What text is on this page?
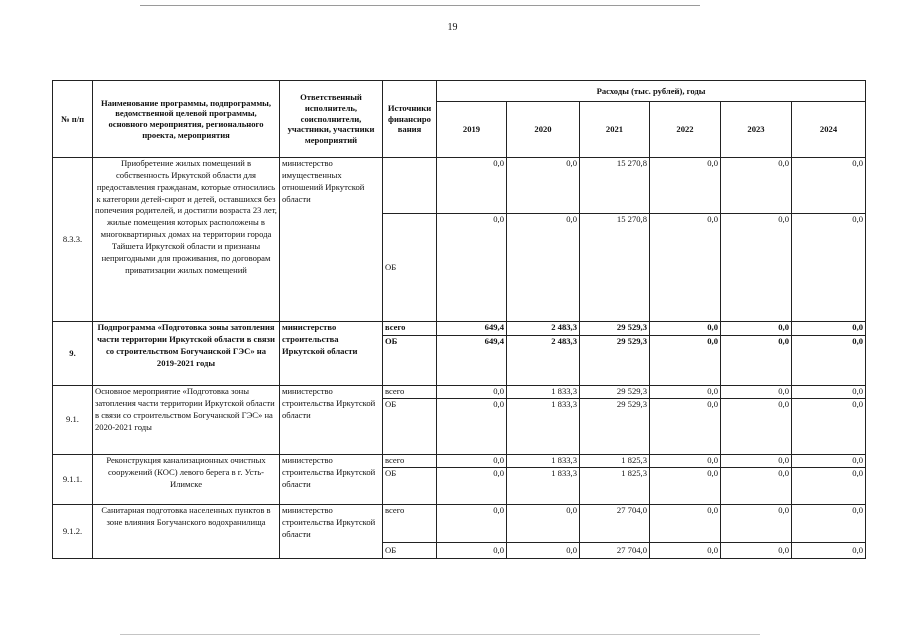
19
№ п/п	Наименование программы, подпрограммы, ведомственной целевой программы, основного мероприятия, регионального проекта, мероприятия	Ответственный исполнитель, соисполнители, участники, участники мероприятий	Источники финансиро вания	Расходы (тыс. рублей), годы					
				2019	2020	2021	2022	2023	2024
8.3.3.	Приобретение жилых помещений в собственность Иркутской области для предоставления гражданам, которые относились к категории детей-сирот и детей, оставшихся без попечения родителей, и достигли возраста 23 лет, жилые помещения которых расположены в многоквартирных домах на территории города Тайшета Иркутской области и признаны непригодными для проживания, по договорам приватизации жилых помещений	министерство имущественных отношений Иркутской области		0,0	0,0	15 270,8	0,0	0,0	0,0
			ОБ	0,0	0,0	15 270,8	0,0	0,0	0,0
9.	Подпрограмма «Подготовка зоны затопления части территории Иркутской области в связи со строительством Богучанской ГЭС» на 2019-2021 годы	министерство строительства Иркутской области	всего	649,4	2 483,3	29 529,3	0,0	0,0	0,0
			ОБ	649,4	2 483,3	29 529,3	0,0	0,0	0,0
9.1.	Основное мероприятие «Подготовка зоны затопления части территории Иркутской области в связи со строительством Богучанской ГЭС» на 2020-2021 годы	министерство строительства Иркутской области	всего	0,0	1 833,3	29 529,3	0,0	0,0	0,0
			ОБ	0,0	1 833,3	29 529,3	0,0	0,0	0,0
9.1.1.	Реконструкция канализационных очистных сооружений (КОС) левого берега в г. Усть-Илимске	министерство строительства Иркутской области	всего	0,0	1 833,3	1 825,3	0,0	0,0	0,0
			ОБ	0,0	1 833,3	1 825,3	0,0	0,0	0,0
9.1.2.	Санитарная подготовка населенных пунктов в зоне влияния Богучанского водохранилища	министерство строительства Иркутской области	всего	0,0	0,0	27 704,0	0,0	0,0	0,0
			ОБ	0,0	0,0	27 704,0	0,0	0,0	0,0
